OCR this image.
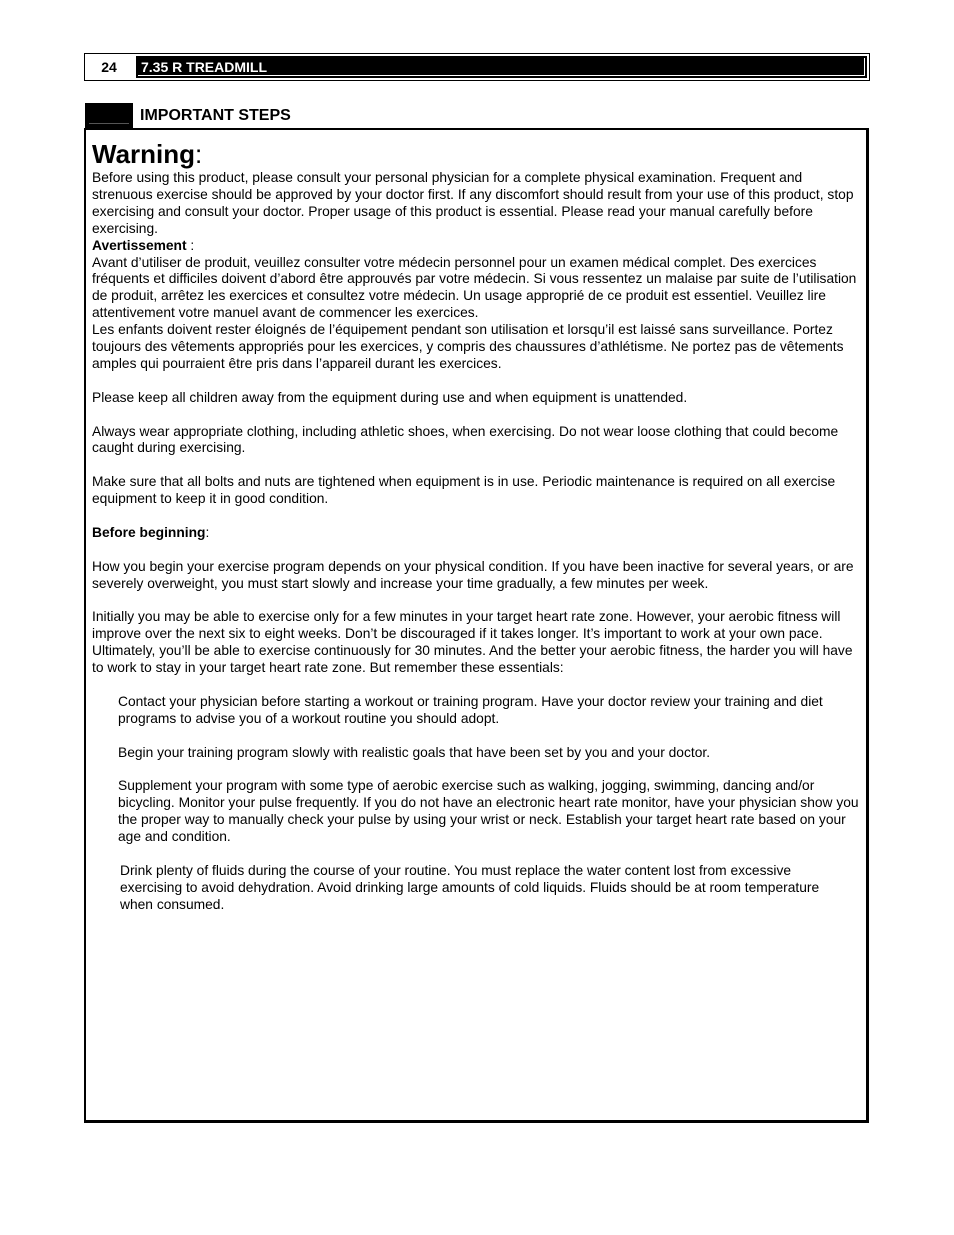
24	7.35 R TREADMILL
IMPORTANT STEPS
Warning:

Before using this product, please consult your personal physician for a complete physical examination. Frequent and strenuous exercise should be approved by your doctor first. If any discomfort should result from your use of this product, stop exercising and consult your doctor. Proper usage of this product is essential. Please read your manual carefully before exercising.

Avertissement :

Avant d’utiliser de produit, veuillez consulter votre médecin personnel pour un examen médical complet. Des exercices fréquents et difficiles doivent d’abord être approuvés par votre médecin. Si vous ressentez un malaise par suite de l’utilisation de produit, arrêtez les exercices et consultez votre médecin. Un usage approprié de ce produit est essentiel. Veuillez lire attentivement votre manuel avant de commencer les exercices.

Les enfants doivent rester éloignés de l’équipement pendant son utilisation et lorsqu’il est laissé sans surveillance. Portez toujours des vêtements appropriés pour les exercices, y compris des chaussures d’athlétisme. Ne portez pas de vêtements amples qui pourraient être pris dans l’appareil durant les exercices.

Please keep all children away from the equipment during use and when equipment is unattended.

Always wear appropriate clothing, including athletic shoes, when exercising. Do not wear loose clothing that could become caught during exercising.

Make sure that all bolts and nuts are tightened when equipment is in use. Periodic maintenance is required on all exercise equipment to keep it in good condition.

Before beginning:

How you begin your exercise program depends on your physical condition. If you have been inactive for several years, or are severely overweight, you must start slowly and increase your time gradually, a few minutes per week.

Initially you may be able to exercise only for a few minutes in your target heart rate zone. However, your aerobic fitness will improve over the next six to eight weeks. Don’t be discouraged if it takes longer. It’s important to work at your own pace. Ultimately, you’ll be able to exercise continuously for 30 minutes. And the better your aerobic fitness, the harder you will have to work to stay in your target heart rate zone. But remember these essentials:

Contact your physician before starting a workout or training program. Have your doctor review your training and diet programs to advise you of a workout routine you should adopt.

Begin your training program slowly with realistic goals that have been set by you and your doctor.

Supplement your program with some type of aerobic exercise such as walking, jogging, swimming, dancing and/or bicycling. Monitor your pulse frequently. If you do not have an electronic heart rate monitor, have your physician show you the proper way to manually check your pulse by using your wrist or neck. Establish your target heart rate based on your age and condition.

Drink plenty of fluids during the course of your routine. You must replace the water content lost from excessive exercising to avoid dehydration. Avoid drinking large amounts of cold liquids. Fluids should be at room temperature when consumed.
